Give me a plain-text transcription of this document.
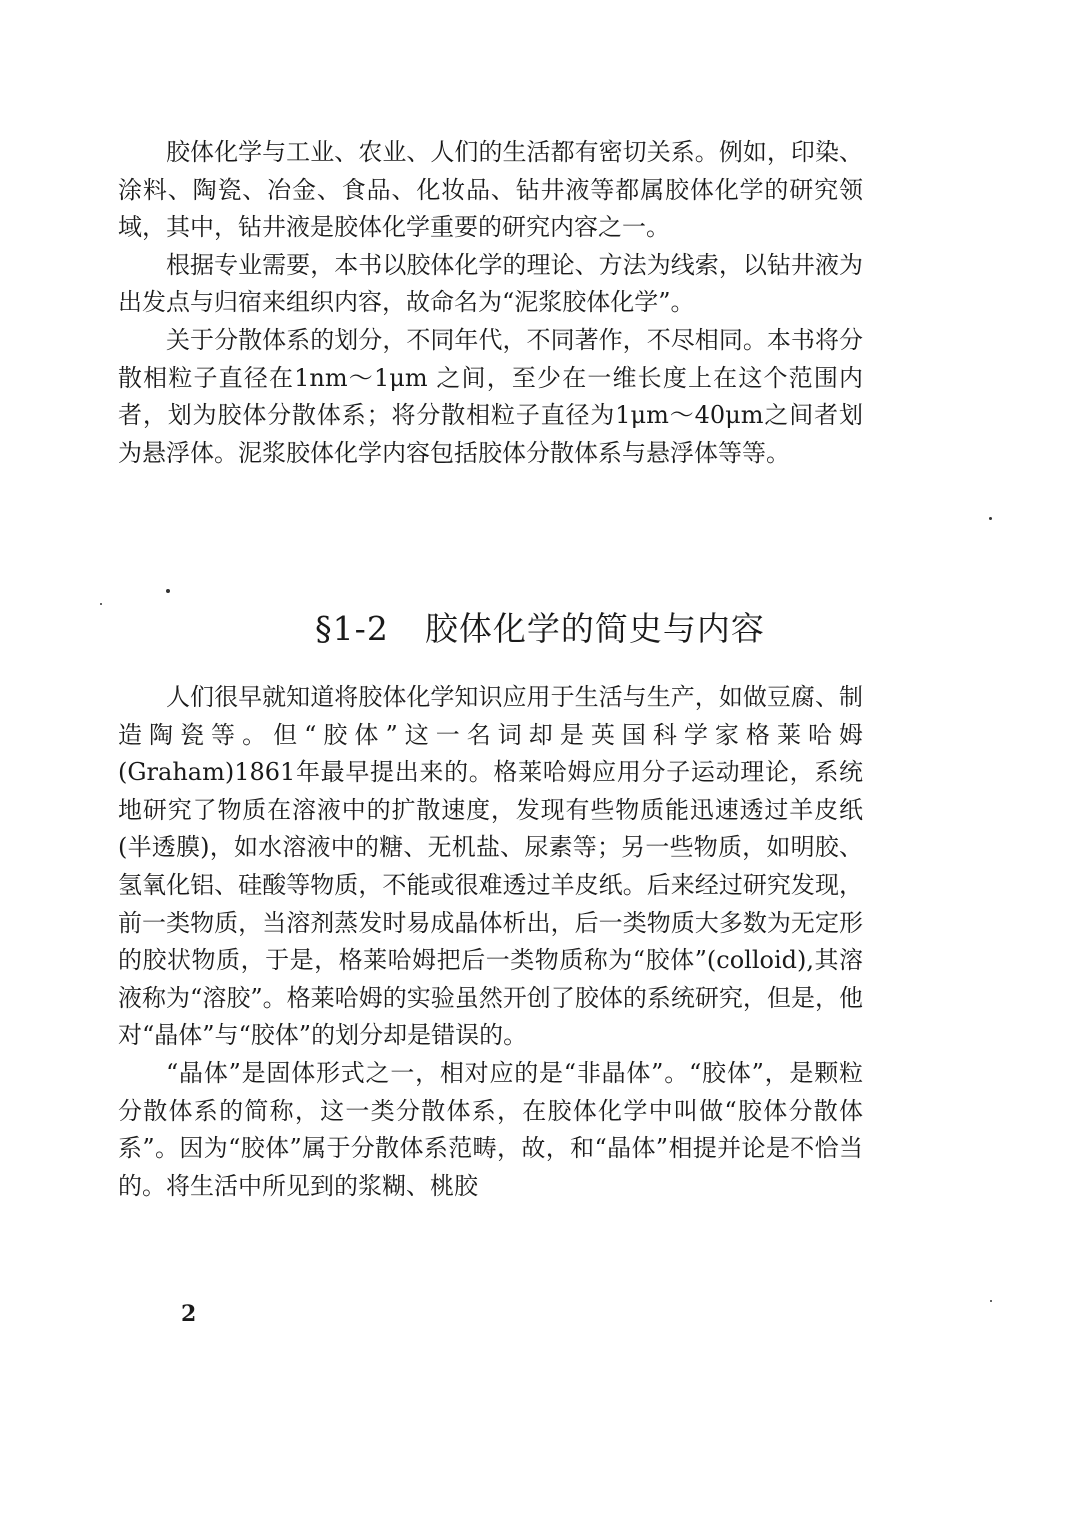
胶体化学与工业、农业、人们的生活都有密切关系。例如，印染、涂料、陶瓷、冶金、食品、化妆品、钻井液等都属胶体化学的研究领域，其中，钻井液是胶体化学重要的研究内容之一。

根据专业需要，本书以胶体化学的理论、方法为线索，以钻井液为出发点与归宿来组织内容，故命名为“泥浆胶体化学”。

关于分散体系的划分，不同年代，不同著作，不尽相同。本书将分散相粒子直径在1nm～1μm 之间，至少在一维长度上在这个范围内者，划为胶体分散体系；将分散相粒子直径为1μm～40μm之间者划为悬浮体。泥浆胶体化学内容包括胶体分散体系与悬浮体等等。

§1-2 胶体化学的简史与内容

人们很早就知道将胶体化学知识应用于生活与生产，如做豆腐、制造陶瓷等。但“胶体”这一名词却是英国科学家格莱哈姆(Graham)1861年最早提出来的。格莱哈姆应用分子运动理论，系统地研究了物质在溶液中的扩散速度，发现有些物质能迅速透过羊皮纸(半透膜)，如水溶液中的糖、无机盐、尿素等；另一些物质，如明胶、氢氧化铝、硅酸等物质，不能或很难透过羊皮纸。后来经过研究发现，前一类物质，当溶剂蒸发时易成晶体析出，后一类物质大多数为无定形的胶状物质，于是，格莱哈姆把后一类物质称为“胶体”(colloid),其溶液称为“溶胶”。格莱哈姆的实验虽然开创了胶体的系统研究，但是，他对“晶体”与“胶体”的划分却是错误的。

“晶体”是固体形式之一，相对应的是“非晶体”。“胶体”，是颗粒分散体系的简称，这一类分散体系，在胶体化学中叫做“胶体分散体系”。因为“胶体”属于分散体系范畴，故，和“晶体”相提并论是不恰当的。将生活中所见到的浆糊、桃胶

2
